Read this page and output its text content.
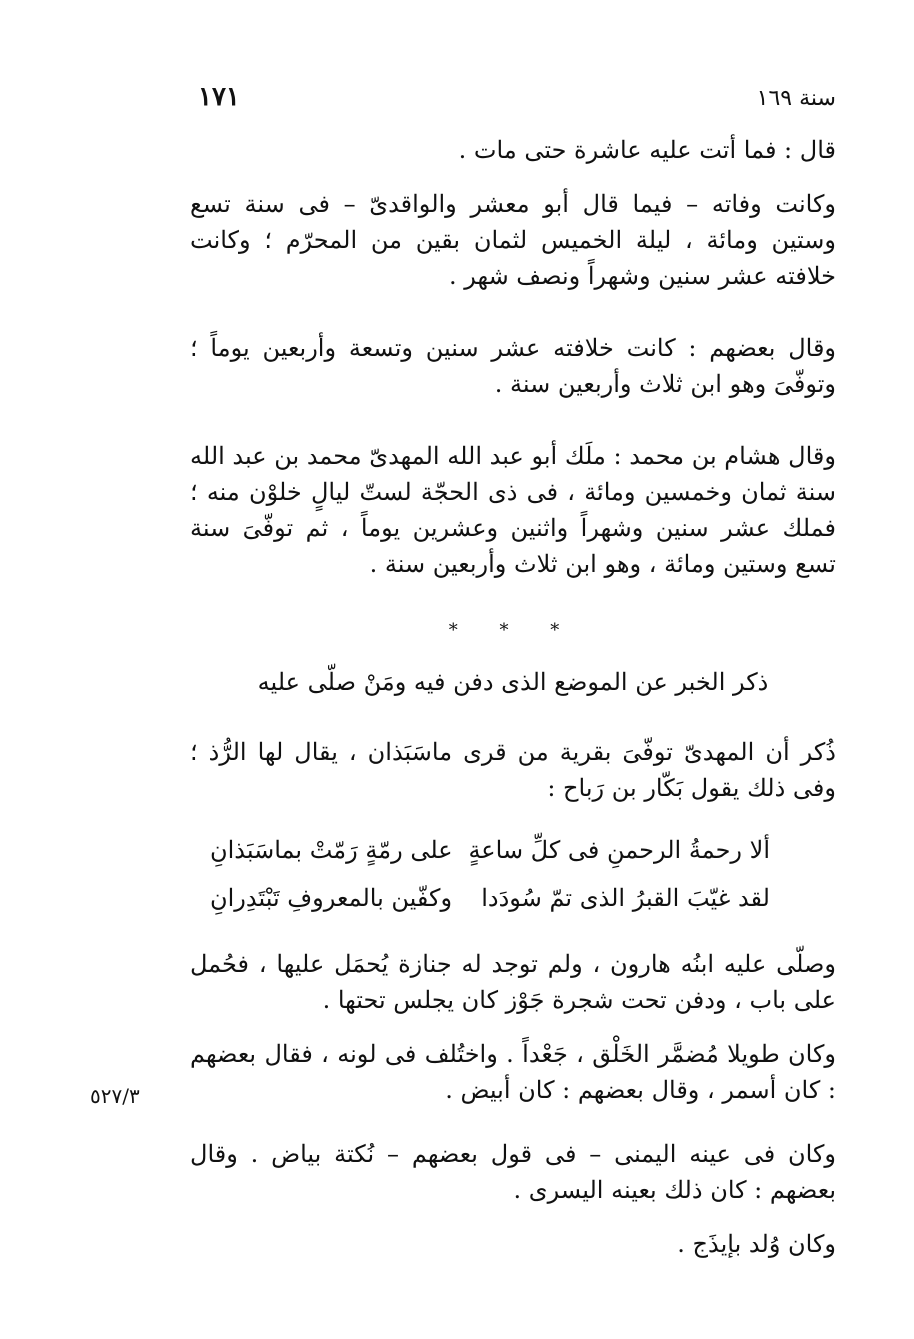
١٧١	سنة ١٦٩
قال : فما أتت عليه عاشرة حتى مات .
وكانت وفاته – فيما قال أبو معشر والواقدىّ – فى سنة تسع وستين ومائة ، ليلة الخميس لثمان بقين من المحرّم ؛ وكانت خلافته عشر سنين وشهراً ونصف شهر .
وقال بعضهم : كانت خلافته عشر سنين وتسعة وأربعين يوماً ؛ وتوفّىَ وهو ابن ثلاث وأربعين سنة .
وقال هشام بن محمد : ملَك أبو عبد الله المهدىّ محمد بن عبد الله سنة ثمان وخمسين ومائة ، فى ذى الحجّة لستّ ليالٍ خلوْن منه ؛ فملك عشر سنين وشهراً واثنين وعشرين يوماً ، ثم توفّىَ سنة تسع وستين ومائة ، وهو ابن ثلاث وأربعين سنة .
* * *
ذكر الخبر عن الموضع الذى دفن فيه ومَنْ صلّى عليه
ذُكر أن المهدىّ توفّىَ بقرية من قرى ماسَبَذان ، يقال لها الرُّذ ؛ وفى ذلك يقول بَكّار بن رَباح :
ألا رحمةُ الرحمنِ فى كلِّ ساعةٍ
على رمّةٍ رَمّتْ بماسَبَذانِ
لقد غيّبَ القبرُ الذى تمّ سُودَدا
وكفّين بالمعروفِ تَبْتَدِرانِ
وصلّى عليه ابنُه هارون ، ولم توجد له جنازة يُحمَل عليها ، فحُمل على باب ، ودفن تحت شجرة جَوْز كان يجلس تحتها .
وكان طويلا مُضمَّر الخَلْق ، جَعْداً . واختُلف فى لونه ، فقال بعضهم : كان أسمر ، وقال بعضهم : كان أبيض .
وكان فى عينه اليمنى – فى قول بعضهم – نُكتة بياض . وقال بعضهم : كان ذلك بعينه اليسرى .
وكان وُلد بإيذَج .
٥٢٧/٣
